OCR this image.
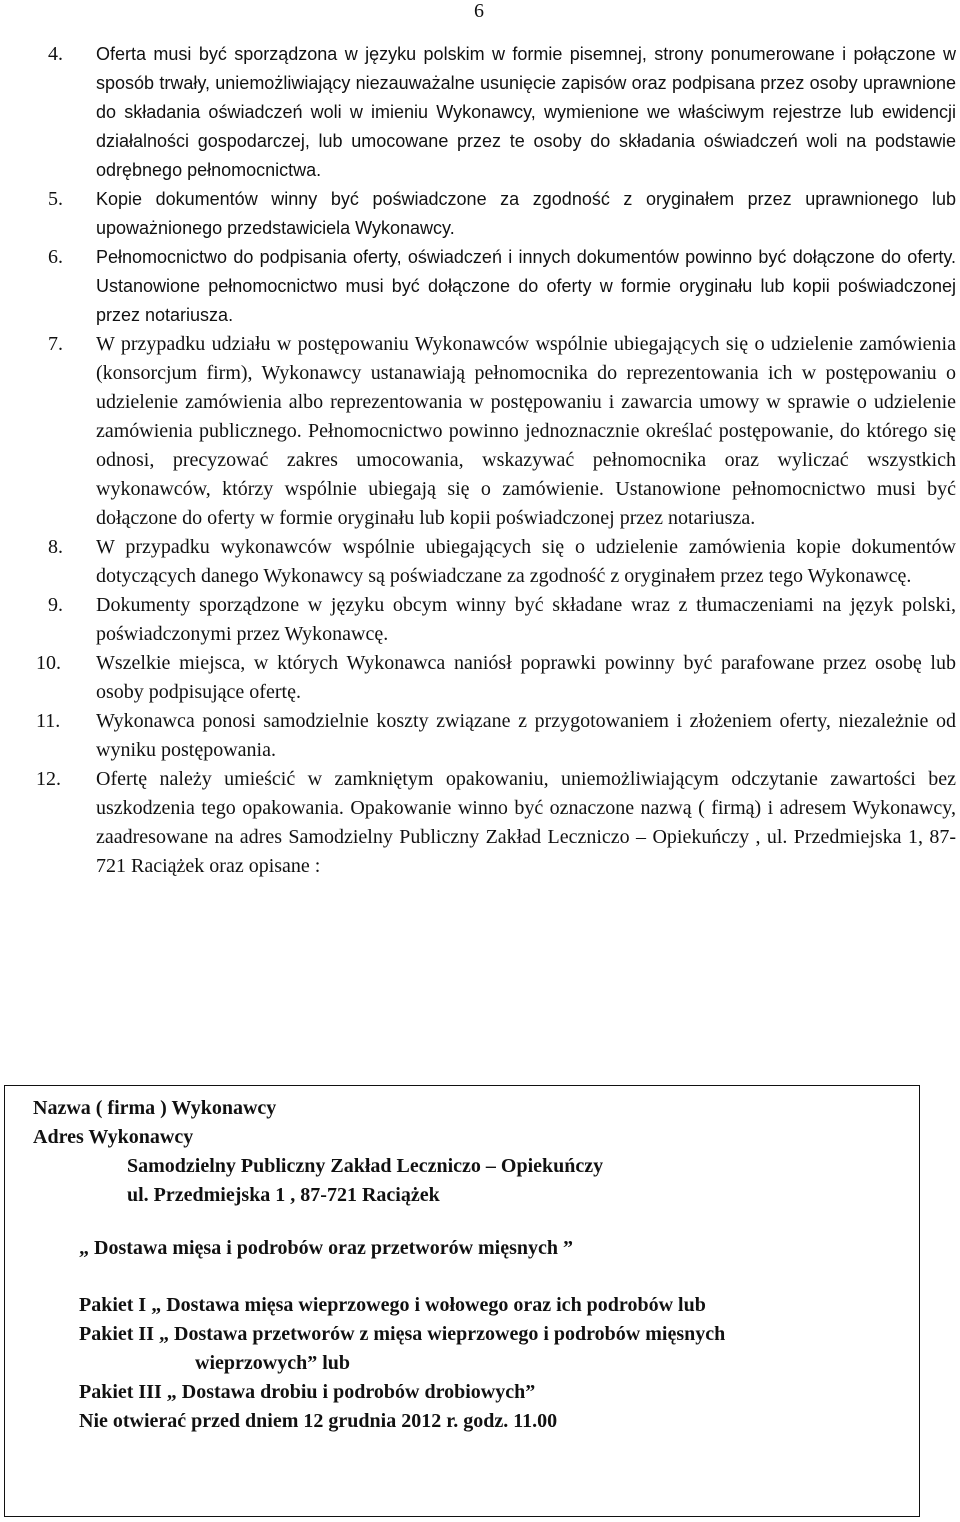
6
4. Oferta musi być sporządzona w języku polskim w formie pisemnej, strony ponumerowane i połączone w sposób trwały, uniemożliwiający niezauważalne usunięcie zapisów oraz podpisana przez osoby uprawnione do składania oświadczeń woli w imieniu Wykonawcy, wymienione we właściwym rejestrze lub ewidencji działalności gospodarczej, lub umocowane przez te osoby do składania oświadczeń woli na podstawie odrębnego pełnomocnictwa.

5. Kopie dokumentów winny być poświadczone za zgodność z oryginałem przez uprawnionego lub upoważnionego przedstawiciela Wykonawcy.

6. Pełnomocnictwo do podpisania oferty, oświadczeń i innych dokumentów powinno być dołączone do oferty. Ustanowione pełnomocnictwo musi być dołączone do oferty w formie oryginału lub kopii poświadczonej przez notariusza.

7. W przypadku udziału w postępowaniu Wykonawców wspólnie ubiegających się o udzielenie zamówienia (konsorcjum firm), Wykonawcy ustanawiają pełnomocnika do reprezentowania ich w postępowaniu o udzielenie zamówienia albo reprezentowania w postępowaniu i zawarcia umowy w sprawie o udzielenie zamówienia publicznego. Pełnomocnictwo powinno jednoznacznie określać postępowanie, do którego się odnosi, precyzować zakres umocowania, wskazywać pełnomocnika oraz wyliczać wszystkich wykonawców, którzy wspólnie ubiegają się o zamówienie. Ustanowione pełnomocnictwo musi być dołączone do oferty w formie oryginału lub kopii poświadczonej przez notariusza.

8. W przypadku wykonawców wspólnie ubiegających się o udzielenie zamówienia kopie dokumentów dotyczących danego Wykonawcy są poświadczane za zgodność z oryginałem przez tego Wykonawcę.

9. Dokumenty sporządzone w języku obcym winny być składane wraz z tłumaczeniami na język polski, poświadczonymi przez Wykonawcę.

10. Wszelkie miejsca, w których Wykonawca naniósł poprawki powinny być parafowane przez osobę lub osoby podpisujące ofertę.

11. Wykonawca ponosi samodzielnie koszty związane z przygotowaniem i złożeniem oferty, niezależnie od wyniku postępowania.

12. Ofertę należy umieścić w zamkniętym opakowaniu, uniemożliwiającym odczytanie zawartości bez uszkodzenia tego opakowania. Opakowanie winno być oznaczone nazwą ( firmą) i adresem Wykonawcy, zaadresowane na adres Samodzielny Publiczny Zakład Leczniczo – Opiekuńczy , ul. Przedmiejska 1, 87-721 Raciążek oraz opisane :

Nazwa ( firma ) Wykonawcy
Adres Wykonawcy
Samodzielny Publiczny Zakład Leczniczo – Opiekuńczy
ul. Przedmiejska 1 , 87-721 Raciążek
„ Dostawa mięsa i podrobów oraz przetworów mięsnych ”
Pakiet I „ Dostawa mięsa wieprzowego i wołowego oraz ich podrobów lub
Pakiet II „ Dostawa przetworów z mięsa wieprzowego i podrobów mięsnych
wieprzowych” lub
Pakiet III „ Dostawa drobiu i podrobów drobiowych”
Nie otwierać przed dniem 12 grudnia 2012 r. godz. 11.00
